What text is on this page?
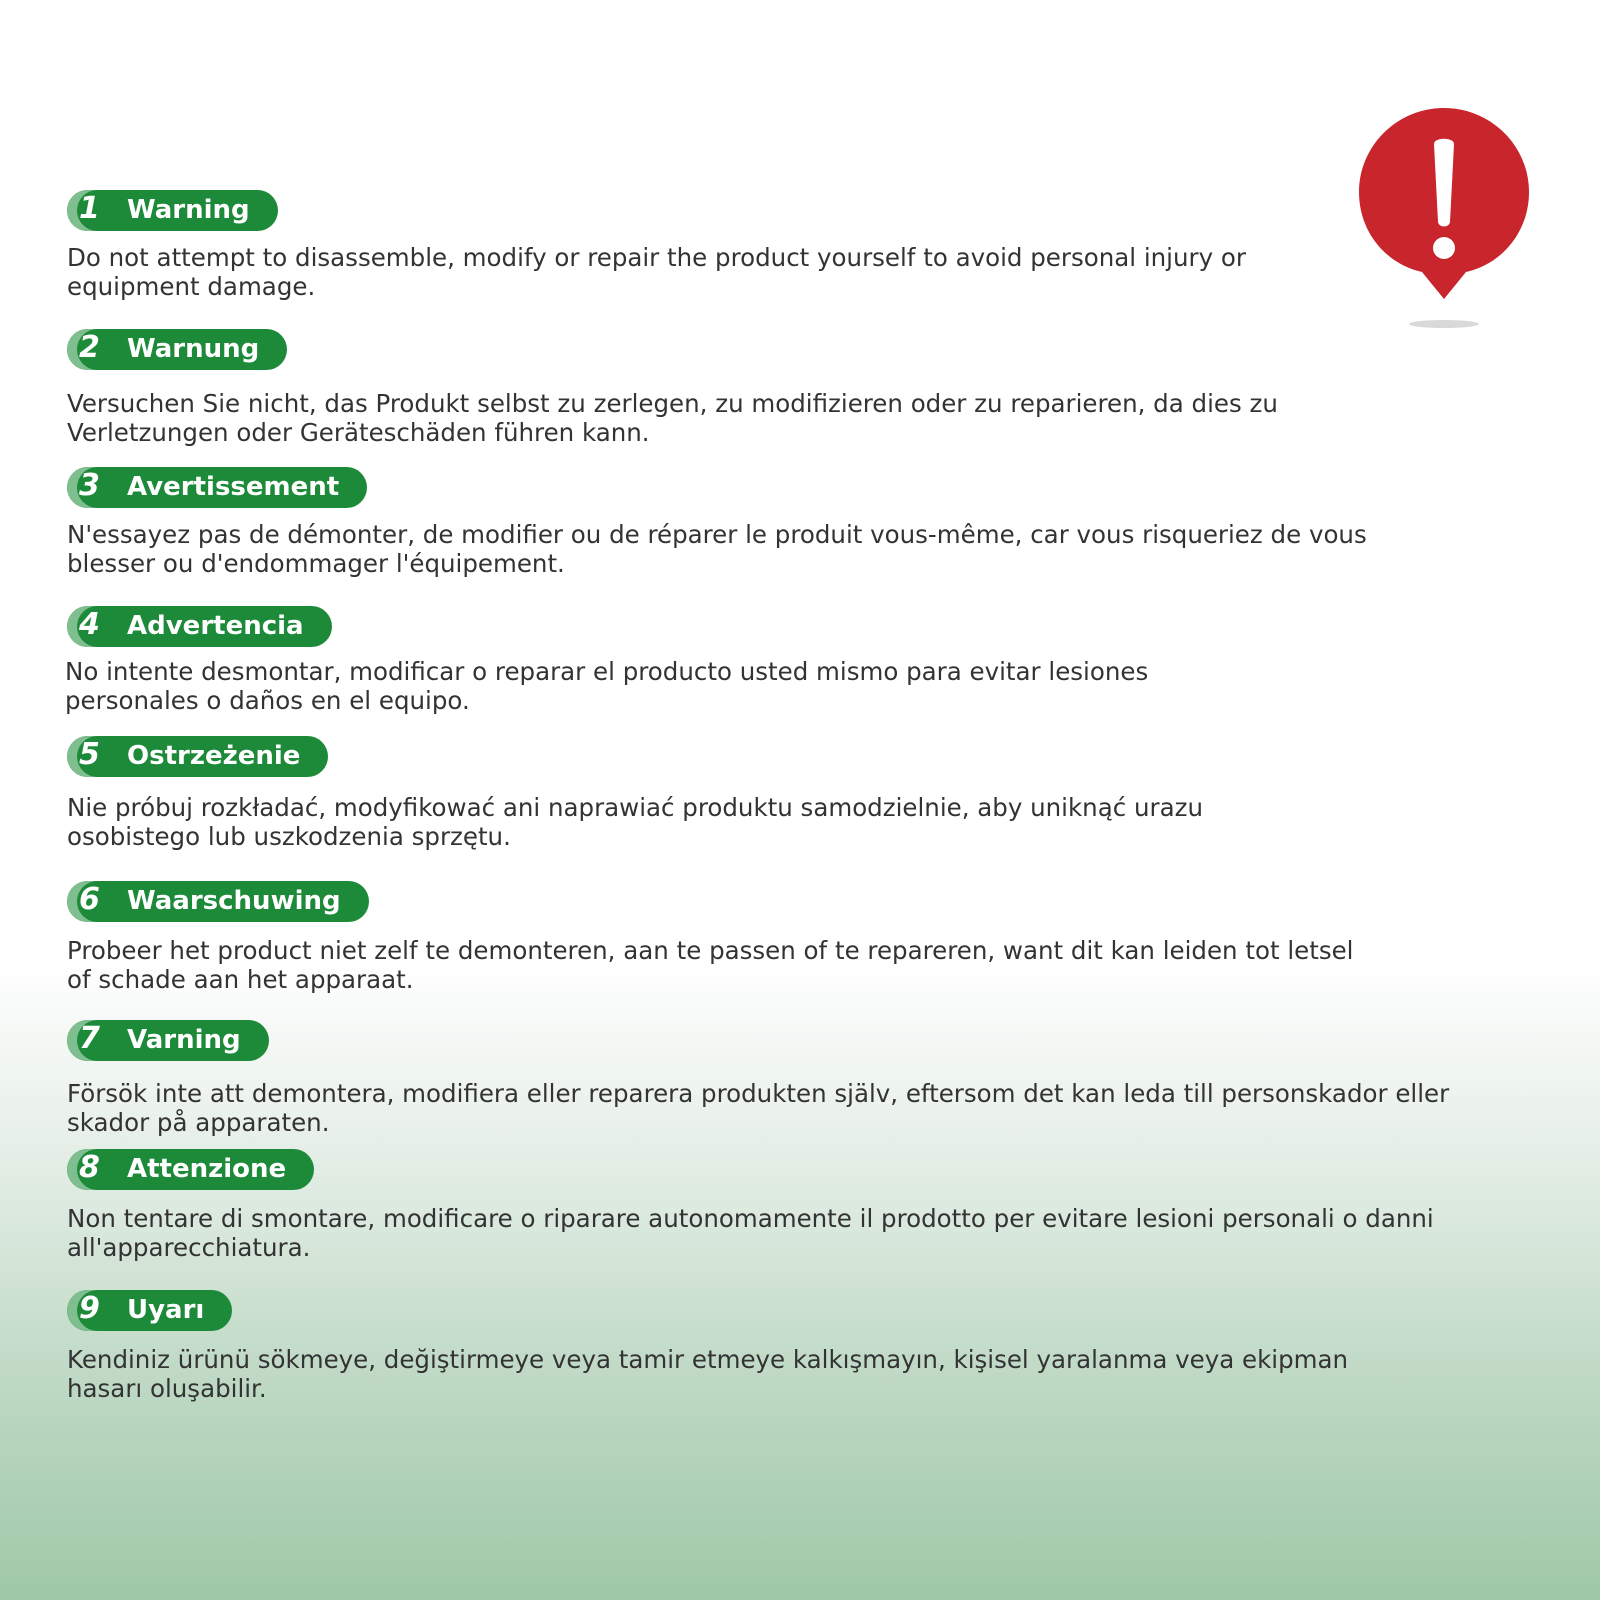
1 Warning

Do not attempt to disassemble, modify or repair the product yourself to avoid personal injury or equipment damage.

2 Warnung

Versuchen Sie nicht, das Produkt selbst zu zerlegen, zu modifizieren oder zu reparieren, da dies zu Verletzungen oder Geräteschäden führen kann.

3 Avertissement

N'essayez pas de démonter, de modifier ou de réparer le produit vous-même, car vous risqueriez de vous blesser ou d'endommager l'équipement.

4 Advertencia

No intente desmontar, modificar o reparar el producto usted mismo para evitar lesiones personales o daños en el equipo.

5 Ostrzeżenie

Nie próbuj rozkładać, modyfikować ani naprawiać produktu samodzielnie, aby uniknąć urazu osobistego lub uszkodzenia sprzętu.

6 Waarschuwing

Probeer het product niet zelf te demonteren, aan te passen of te repareren, want dit kan leiden tot letsel of schade aan het apparaat.

7 Varning

Försök inte att demontera, modifiera eller reparera produkten själv, eftersom det kan leda till personskador eller skador på apparaten.

8 Attenzione

Non tentare di smontare, modificare o riparare autonomamente il prodotto per evitare lesioni personali o danni all'apparecchiatura.

9 Uyarı

Kendiniz ürünü sökmeye, değiştirmeye veya tamir etmeye kalkışmayın, kişisel yaralanma veya ekipman hasarı oluşabilir.
